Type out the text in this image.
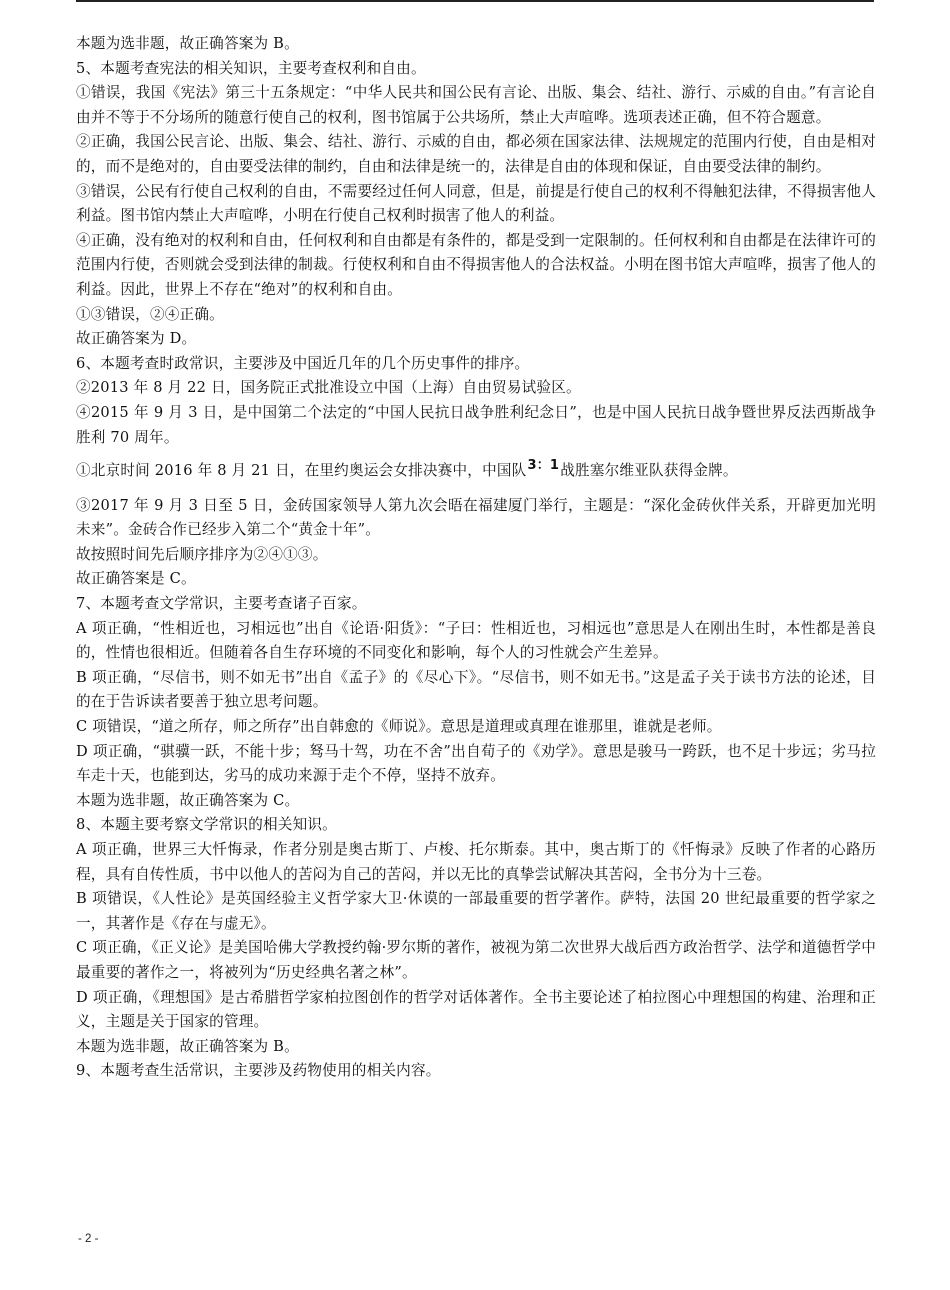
本题为选非题，故正确答案为 B。

5、本题考查宪法的相关知识，主要考查权利和自由。

①错误，我国《宪法》第三十五条规定：“中华人民共和国公民有言论、出版、集会、结社、游行、示威的自由。”有言论自由并不等于不分场所的随意行使自己的权利，图书馆属于公共场所，禁止大声喧哗。选项表述正确，但不符合题意。

②正确，我国公民言论、出版、集会、结社、游行、示威的自由，都必须在国家法律、法规规定的范围内行使，自由是相对的，而不是绝对的，自由要受法律的制约，自由和法律是统一的，法律是自由的体现和保证，自由要受法律的制约。

③错误，公民有行使自己权利的自由，不需要经过任何人同意，但是，前提是行使自己的权利不得触犯法律，不得损害他人利益。图书馆内禁止大声喧哗，小明在行使自己权利时损害了他人的利益。

④正确，没有绝对的权利和自由，任何权利和自由都是有条件的，都是受到一定限制的。任何权利和自由都是在法律许可的范围内行使，否则就会受到法律的制裁。行使权利和自由不得损害他人的合法权益。小明在图书馆大声喧哗，损害了他人的利益。因此，世界上不存在“绝对”的权利和自由。

①③错误，②④正确。

故正确答案为 D。

6、本题考查时政常识，主要涉及中国近几年的几个历史事件的排序。

②2013 年 8 月 22 日，国务院正式批准设立中国（上海）自由贸易试验区。

④2015 年 9 月 3 日，是中国第二个法定的“中国人民抗日战争胜利纪念日”，也是中国人民抗日战争暨世界反法西斯战争胜利 70 周年。

①北京时间 2016 年 8 月 21 日，在里约奥运会女排决赛中，中国队3：1战胜塞尔维亚队获得金牌。

③2017 年 9 月 3 日至 5 日，金砖国家领导人第九次会晤在福建厦门举行，主题是：“深化金砖伙伴关系，开辟更加光明未来”。金砖合作已经步入第二个“黄金十年”。

故按照时间先后顺序排序为②④①③。

故正确答案是 C。

7、本题考查文学常识，主要考查诸子百家。

A 项正确，“性相近也，习相远也”出自《论语·阳货》：“子曰：性相近也，习相远也”意思是人在刚出生时，本性都是善良的，性情也很相近。但随着各自生存环境的不同变化和影响，每个人的习性就会产生差异。

B 项正确，“尽信书，则不如无书”出自《孟子》的《尽心下》。“尽信书，则不如无书。”这是孟子关于读书方法的论述，目的在于告诉读者要善于独立思考问题。

C 项错误，“道之所存，师之所存”出自韩愈的《师说》。意思是道理或真理在谁那里，谁就是老师。

D 项正确，“骐骥一跃，不能十步；驽马十驾，功在不舍”出自荀子的《劝学》。意思是骏马一跨跃，也不足十步远；劣马拉车走十天，也能到达，劣马的成功来源于走个不停，坚持不放弃。

本题为选非题，故正确答案为 C。

8、本题主要考察文学常识的相关知识。

A 项正确，世界三大忏悔录，作者分别是奥古斯丁、卢梭、托尔斯泰。其中，奥古斯丁的《忏悔录》反映了作者的心路历程，具有自传性质，书中以他人的苦闷为自己的苦闷，并以无比的真挚尝试解决其苦闷，全书分为十三卷。

B 项错误，《人性论》是英国经验主义哲学家大卫·休谟的一部最重要的哲学著作。萨特，法国 20 世纪最重要的哲学家之一，其著作是《存在与虚无》。

C 项正确，《正义论》是美国哈佛大学教授约翰·罗尔斯的著作，被视为第二次世界大战后西方政治哲学、法学和道德哲学中最重要的著作之一，将被列为“历史经典名著之林”。

D 项正确，《理想国》是古希腊哲学家柏拉图创作的哲学对话体著作。全书主要论述了柏拉图心中理想国的构建、治理和正义，主题是关于国家的管理。

本题为选非题，故正确答案为 B。

9、本题考查生活常识，主要涉及药物使用的相关内容。

- 2 -
